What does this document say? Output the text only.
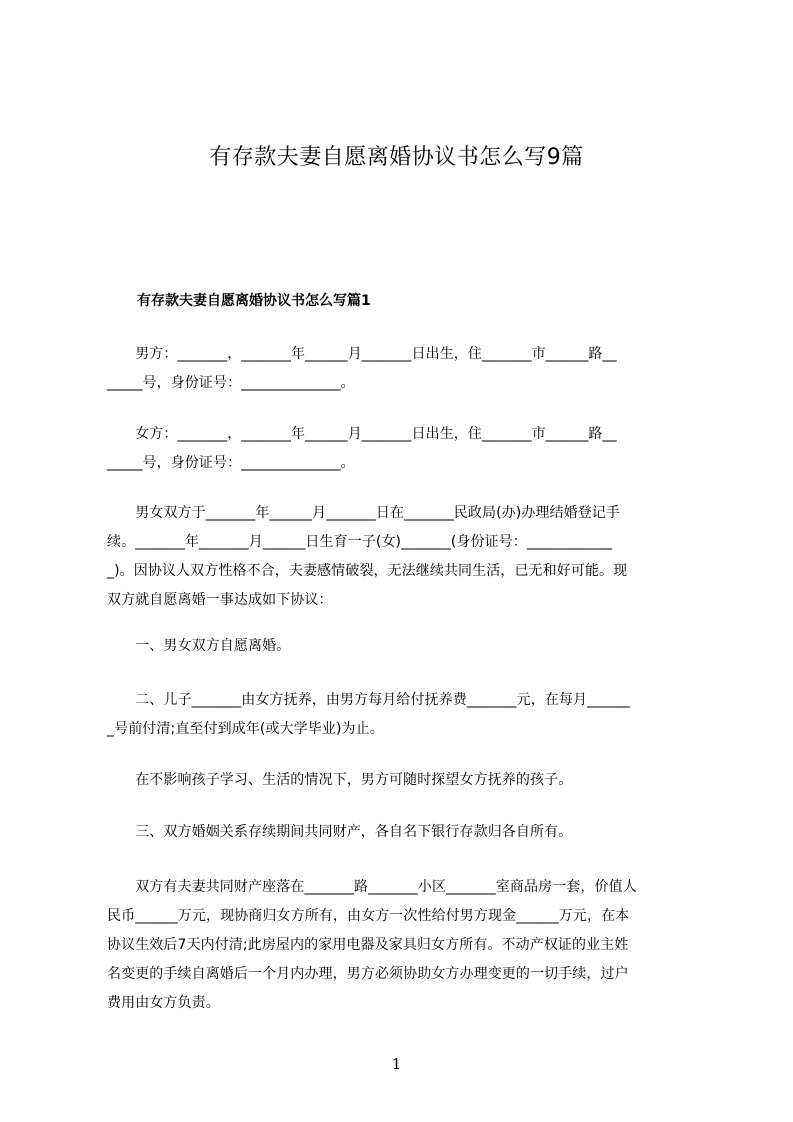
有存款夫妻自愿离婚协议书怎么写9篇
有存款夫妻自愿离婚协议书怎么写篇1
　　男方：_______，_______年______月_______日出生，住_______市______路__
_____号，身份证号：______________。
　　女方：_______，_______年______月_______日出生，住_______市______路__
_____号，身份证号：______________。
　　男女双方于_______年______月_______日在_______民政局(办)办理结婚登记手
续。_______年_______月______日生育一子(女)_______(身份证号：____________
_)。因协议人双方性格不合，夫妻感情破裂，无法继续共同生活，已无和好可能。现
双方就自愿离婚一事达成如下协议：
　　一、男女双方自愿离婚。
　　二、儿子_______由女方抚养，由男方每月给付抚养费_______元，在每月______
_号前付清;直至付到成年(或大学毕业)为止。
　　在不影响孩子学习、生活的情况下，男方可随时探望女方抚养的孩子。
　　三、双方婚姻关系存续期间共同财产，各自名下银行存款归各自所有。
　　双方有夫妻共同财产座落在_______路_______小区_______室商品房一套，价值人
民币______万元，现协商归女方所有，由女方一次性给付男方现金______万元，在本
协议生效后7天内付清;此房屋内的家用电器及家具归女方所有。不动产权证的业主姓
名变更的手续自离婚后一个月内办理，男方必须协助女方办理变更的一切手续，过户
费用由女方负责。
1
